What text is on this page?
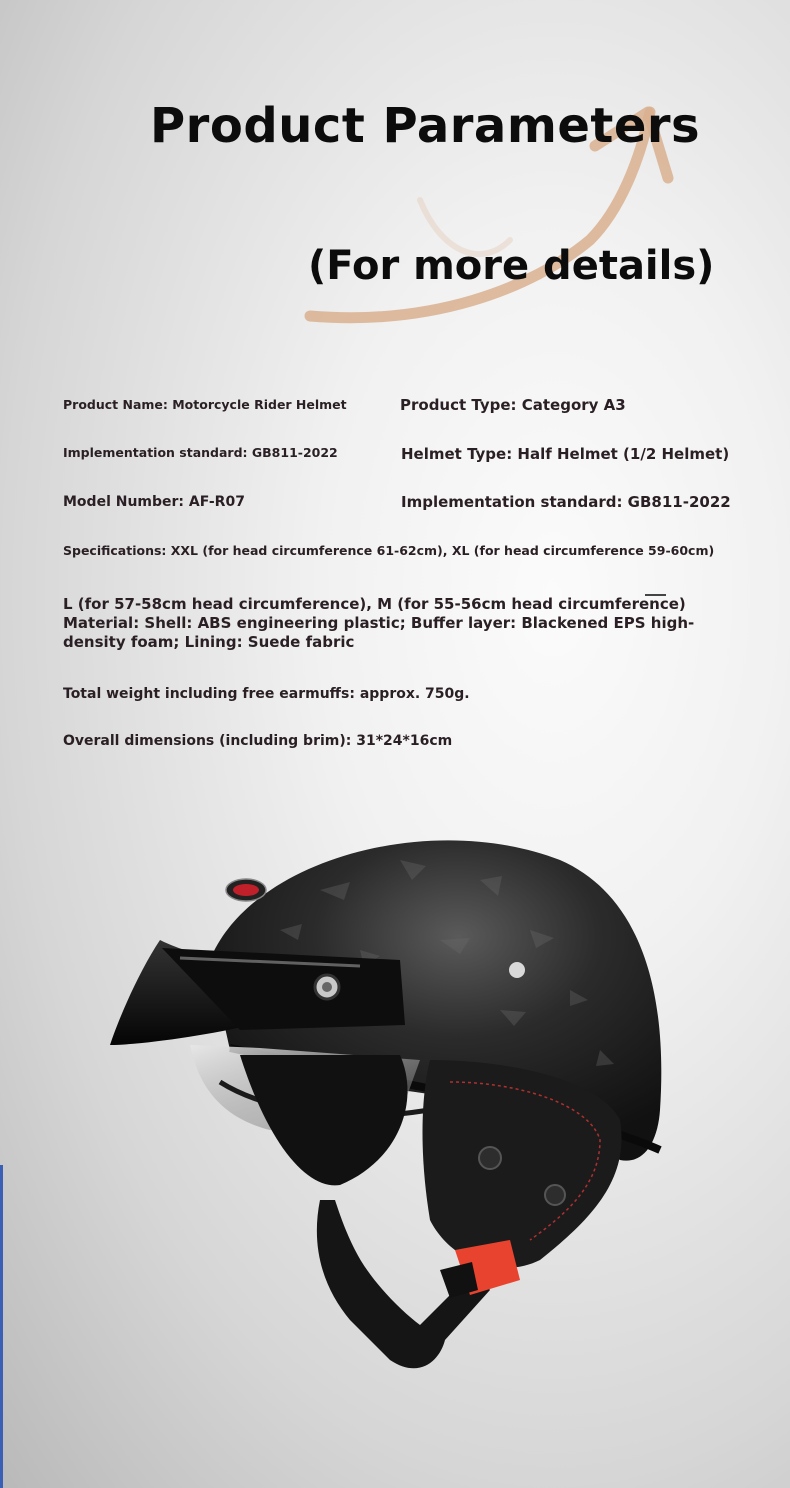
Product Parameters
(For more details)

Product Name: Motorcycle Rider Helmet	Product Type: Category A3

Implementation standard: GB811-2022	Helmet Type: Half Helmet (1/2 Helmet)

Model Number: AF-R07	Implementation standard: GB811-2022

Specifications: XXL (for head circumference 61-62cm), XL (for head circumference 59-60cm)

L (for 57-58cm head circumference), M (for 55-56cm head circumference)

Material: Shell: ABS engineering plastic; Buffer layer: Blackened EPS high-density foam; Lining: Suede fabric

Total weight including free earmuffs: approx. 750g.

Overall dimensions (including brim): 31*24*16cm
